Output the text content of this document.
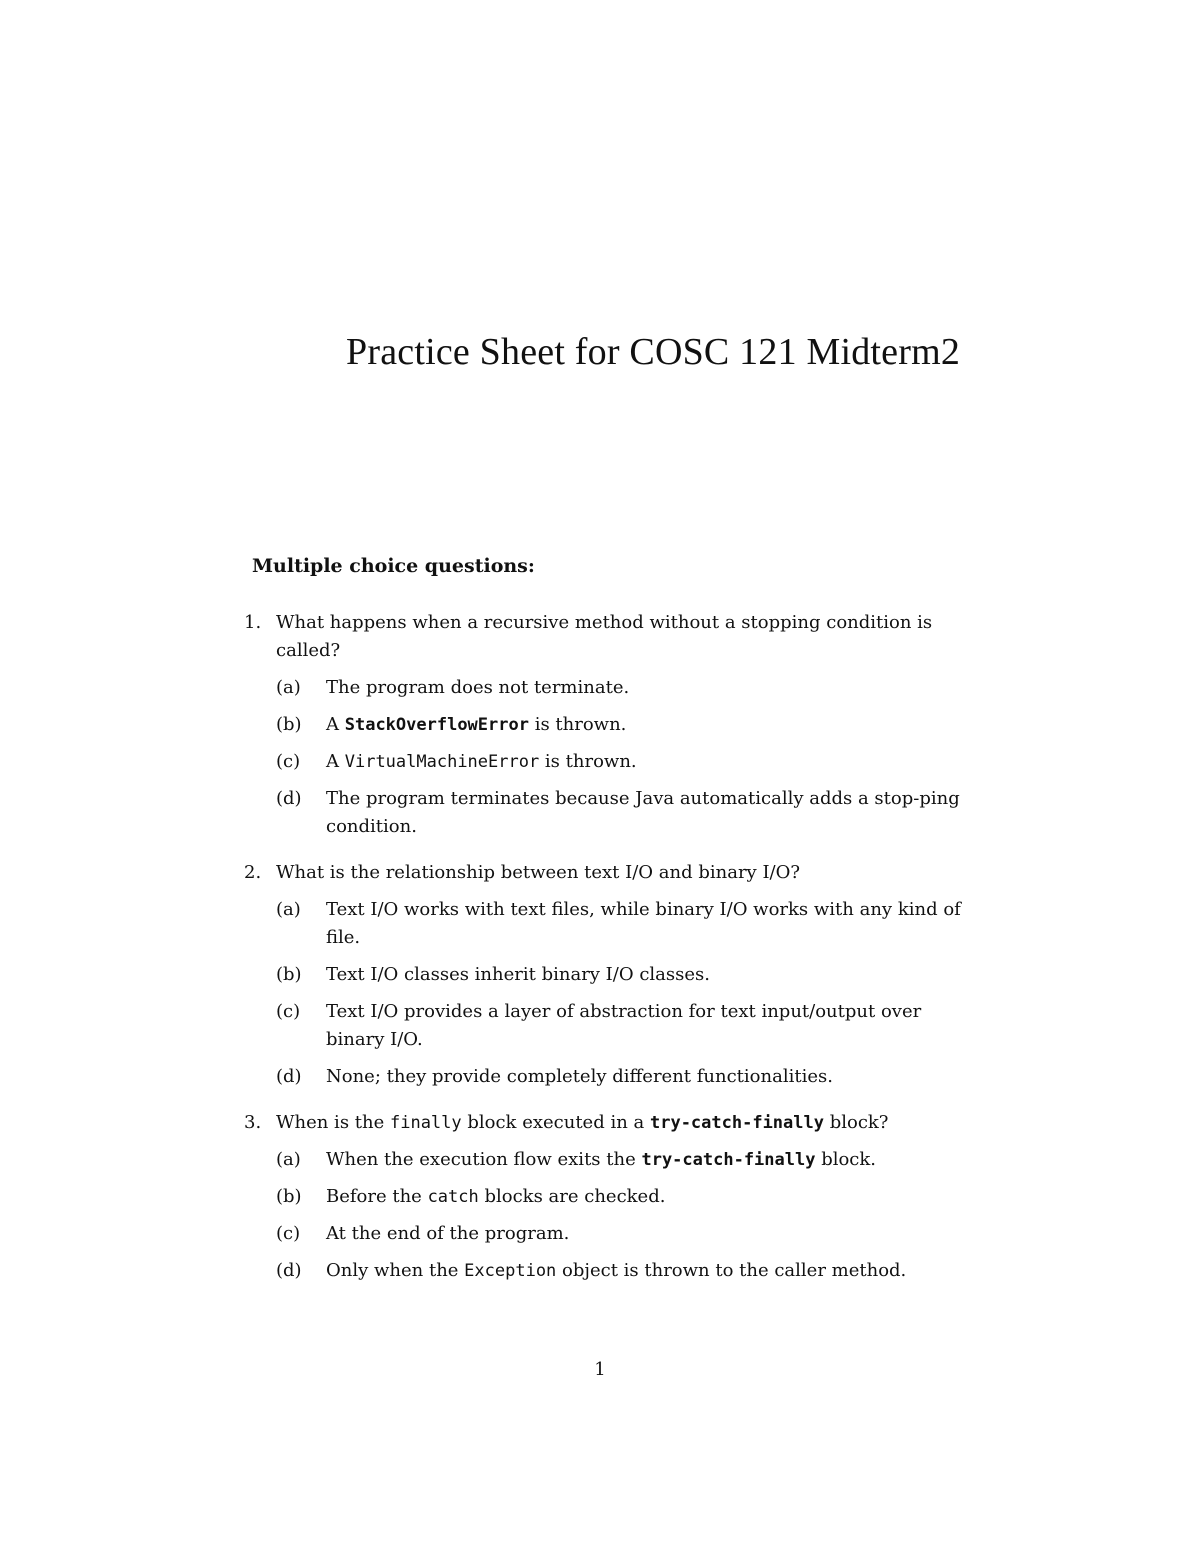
Practice Sheet for COSC 121 Midterm2
Multiple choice questions:
1. What happens when a recursive method without a stopping condition is called?
(a)	The program does not terminate.
(b)	A StackOverflowError is thrown.
(c)	A VirtualMachineError is thrown.
(d)	The program terminates because Java automatically adds a stop-ping condition.
2. What is the relationship between text I/O and binary I/O?
(a)	Text I/O works with text files, while binary I/O works with any kind of file.
(b)	Text I/O classes inherit binary I/O classes.
(c)	Text I/O provides a layer of abstraction for text input/output over binary I/O.
(d)	None; they provide completely different functionalities.
3. When is the finally block executed in a try-catch-finally block?
(a)	When the execution flow exits the try-catch-finally block.
(b)	Before the catch blocks are checked.
(c)	At the end of the program.
(d)	Only when the Exception object is thrown to the caller method.
1
